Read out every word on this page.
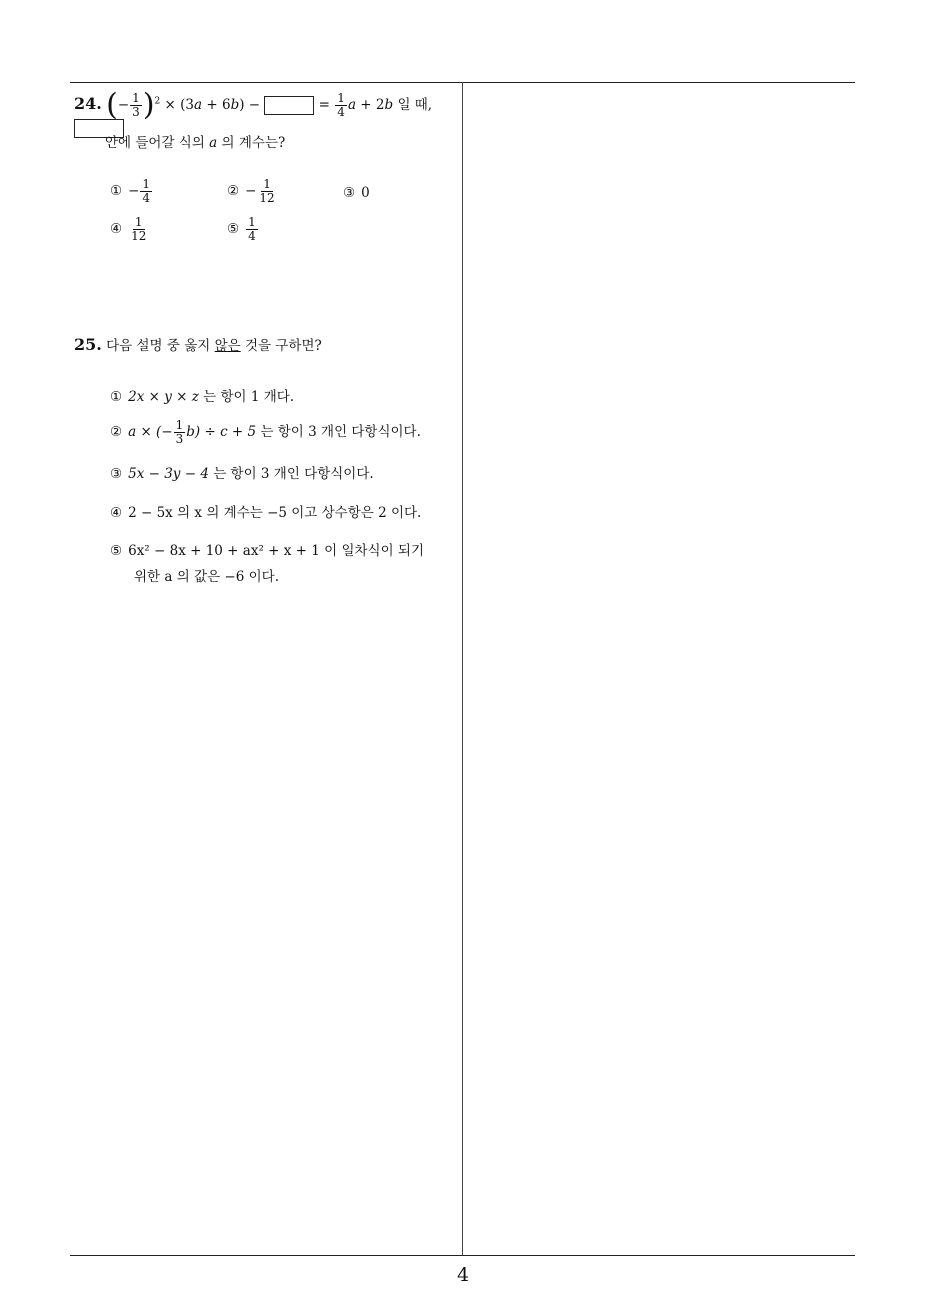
24. (− $\frac{1}{3} )^2 \times (3a + 6b)$ −	= $\frac{1}{4}$ a + 2b 일 때,
안에 들어갈 식의 a 의 계수는?
① − $\frac{1}{4}$	② − $\frac{1}{12}$	③ 0
④ $\frac{1}{12}$	⑤ $\frac{1}{4}$
25. 다음 설명 중 옳지 않은 것을 구하면?
① 2x × y × z 는 항이 1 개다.
② a × (− $\frac{1}{3} b) \div c + 5$ 는 항이 3 개인 다항식이다.
③ 5x − 3y − 4 는 항이 3 개인 다항식이다.
④ 2 − 5x 의 x 의 계수는 −5 이고 상수항은 2 이다.
⑤ 6x² − 8x + 10 + ax² + x + 1 이 일차식이 되기
위한 a 의 값은 −6 이다.
4
